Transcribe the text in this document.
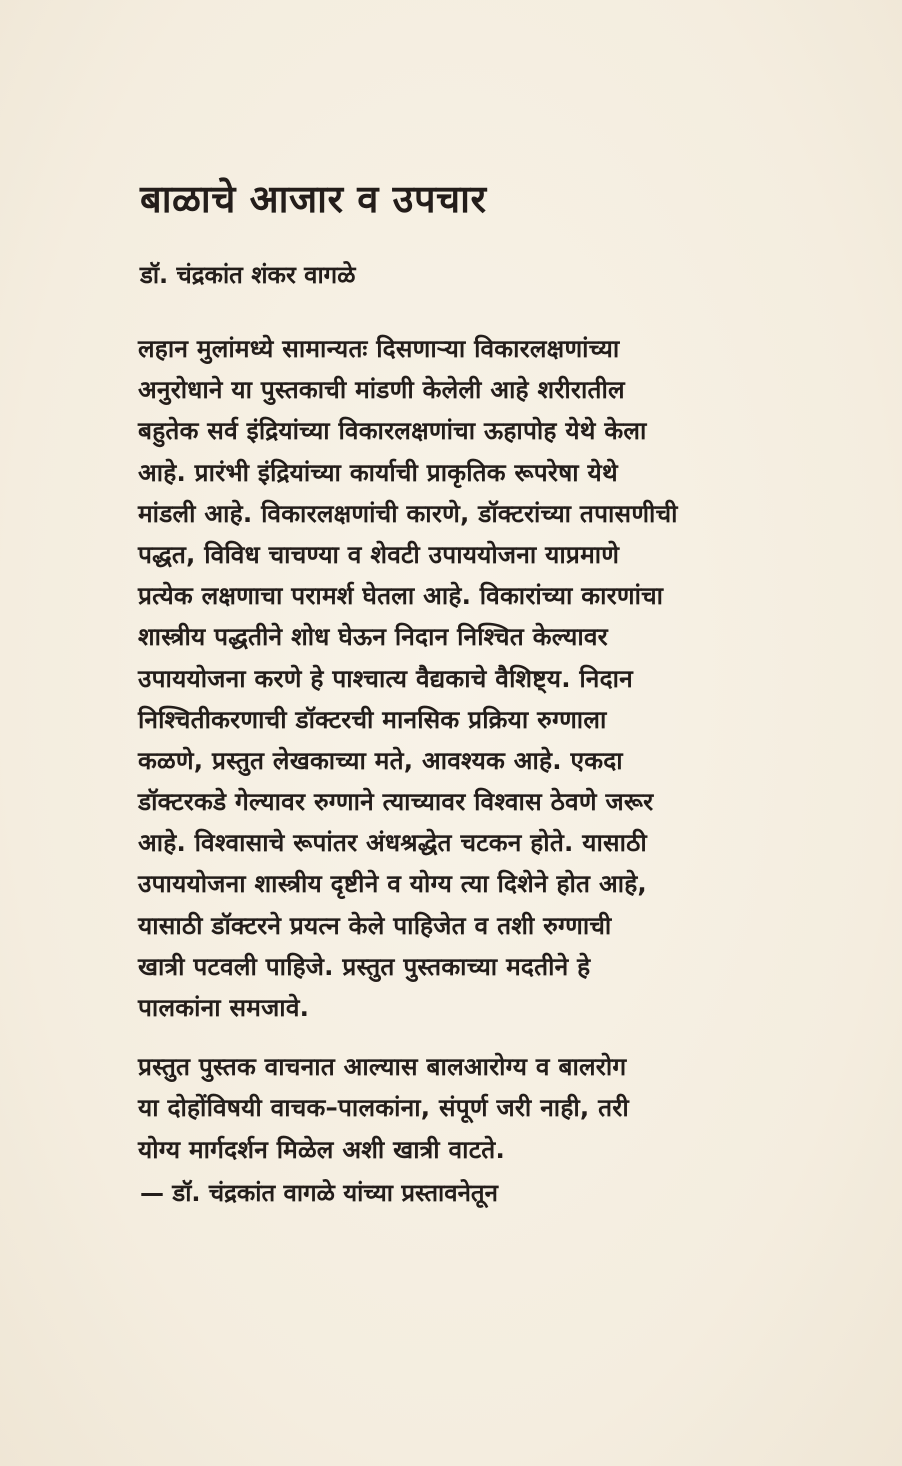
बाळाचे आजार व उपचार
डॉ. चंद्रकांत शंकर वागळे
लहान मुलांमध्ये सामान्यतः दिसणाऱ्या विकारलक्षणांच्या
अनुरोधाने या पुस्तकाची मांडणी केलेली आहे शरीरातील
बहुतेक सर्व इंद्रियांच्या विकारलक्षणांचा ऊहापोह येथे केला
आहे. प्रारंभी इंद्रियांच्या कार्याची प्राकृतिक रूपरेषा येथे
मांडली आहे. विकारलक्षणांची कारणे, डॉक्टरांच्या तपासणीची
पद्धत, विविध चाचण्या व शेवटी उपाययोजना याप्रमाणे
प्रत्येक लक्षणाचा परामर्श घेतला आहे. विकारांच्या कारणांचा
शास्त्रीय पद्धतीने शोध घेऊन निदान निश्चित केल्यावर
उपाययोजना करणे हे पाश्चात्य वैद्यकाचे वैशिष्ट्य. निदान
निश्चितीकरणाची डॉक्टरची मानसिक प्रक्रिया रुग्णाला
कळणे, प्रस्तुत लेखकाच्या मते, आवश्यक आहे. एकदा
डॉक्टरकडे गेल्यावर रुग्णाने त्याच्यावर विश्वास ठेवणे जरूर
आहे. विश्वासाचे रूपांतर अंधश्रद्धेत चटकन होते. यासाठी
उपाययोजना शास्त्रीय दृष्टीने व योग्य त्या दिशेने होत आहे,
यासाठी डॉक्टरने प्रयत्न केले पाहिजेत व तशी रुग्णाची
खात्री पटवली पाहिजे. प्रस्तुत पुस्तकाच्या मदतीने हे
पालकांना समजावे.
प्रस्तुत पुस्तक वाचनात आल्यास बालआरोग्य व बालरोग
या दोहोंविषयी वाचक–पालकांना, संपूर्ण जरी नाही, तरी
योग्य मार्गदर्शन मिळेल अशी खात्री वाटते.

— डॉ. चंद्रकांत वागळे यांच्या प्रस्तावनेतून
